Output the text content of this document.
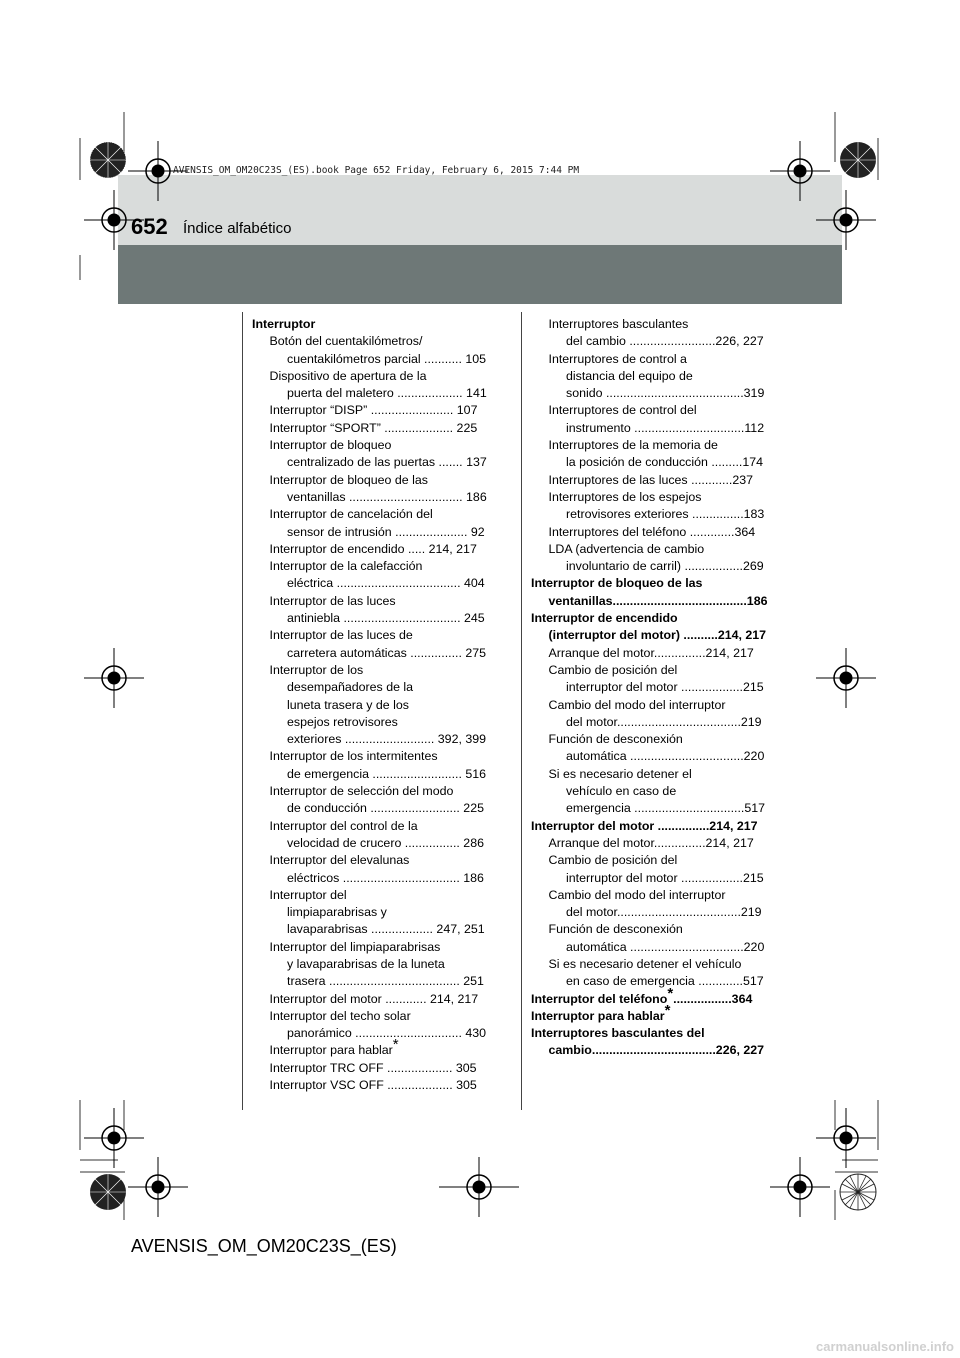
AVENSIS_OM_OM20C23S_(ES).book Page 652 Friday, February 6, 2015 7:44 PM
652 Índice alfabético
Interruptor
Botón del cuentakilómetros/
cuentakilómetros parcial ........... 105
Dispositivo de apertura de la
puerta del maletero ................... 141
Interruptor “DISP” ........................ 107
Interruptor “SPORT” .................... 225
Interruptor de bloqueo
centralizado de las puertas ....... 137
Interruptor de bloqueo de las
ventanillas ................................. 186
Interruptor de cancelación del
sensor de intrusión ..................... 92
Interruptor de encendido ..... 214, 217
Interruptor de la calefacción
eléctrica .................................... 404
Interruptor de las luces
antiniebla .................................. 245
Interruptor de las luces de
carretera automáticas ............... 275
Interruptor de los
desempañadores de la
luneta trasera y de los
espejos retrovisores
exteriores .......................... 392, 399
Interruptor de los intermitentes
de emergencia .......................... 516
Interruptor de selección del modo
de conducción .......................... 225
Interruptor del control de la
velocidad de crucero ................ 286
Interruptor del elevalunas
eléctricos .................................. 186
Interruptor del
limpiaparabrisas y
lavaparabrisas .................. 247, 251
Interruptor del limpiaparabrisas
y lavaparabrisas de la luneta
trasera ...................................... 251
Interruptor del motor ............ 214, 217
Interruptor del techo solar
panorámico ............................... 430
Interruptor para hablar*
Interruptor TRC OFF ................... 305
Interruptor VSC OFF ................... 305
Interruptores basculantes
del cambio .........................226, 227
Interruptores de control a
distancia del equipo de
sonido ........................................319
Interruptores de control del
instrumento ................................112
Interruptores de la memoria de
la posición de conducción .........174
Interruptores de las luces ............237
Interruptores de los espejos
retrovisores exteriores ...............183
Interruptores del teléfono .............364
LDA (advertencia de cambio
involuntario de carril) .................269
Interruptor de bloqueo de las
ventanillas.......................................186
Interruptor de encendido
(interruptor del motor) ..........214, 217
Arranque del motor...............214, 217
Cambio de posición del
interruptor del motor ..................215
Cambio del modo del interruptor
del motor....................................219
Función de desconexión
automática .................................220
Si es necesario detener el
vehículo en caso de
emergencia ................................517
Interruptor del motor ...............214, 217
Arranque del motor...............214, 217
Cambio de posición del
interruptor del motor ..................215
Cambio del modo del interruptor
del motor....................................219
Función de desconexión
automática .................................220
Si es necesario detener el vehículo
en caso de emergencia .............517
Interruptor del teléfono*.................364
Interruptor para hablar*
Interruptores basculantes del
cambio....................................226, 227
AVENSIS_OM_OM20C23S_(ES)
carmanualsonline.info
